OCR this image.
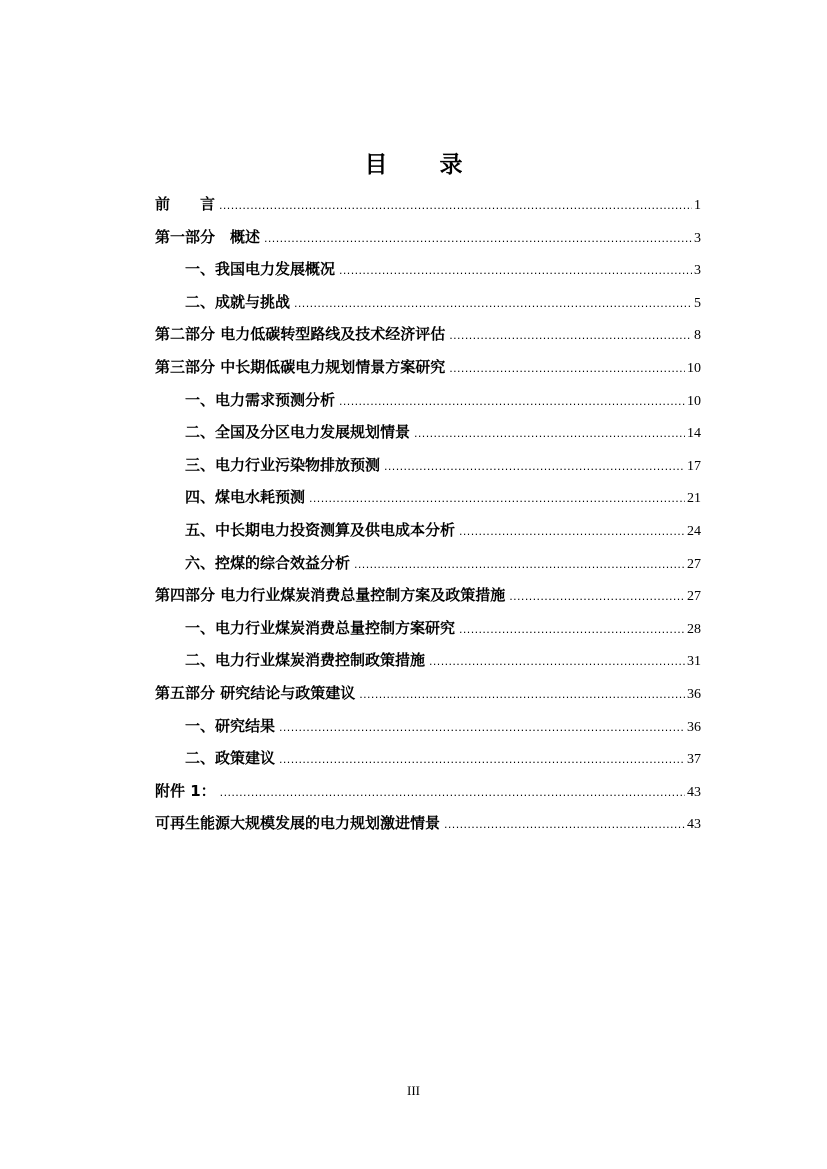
目 录
前　　言 .....	1
第一部分　概述 .....	3
一、我国电力发展概况 .....	3
二、成就与挑战 .....	5
第二部分 电力低碳转型路线及技术经济评估 .....	8
第三部分 中长期低碳电力规划情景方案研究 .....	10
一、电力需求预测分析 .....	10
二、全国及分区电力发展规划情景 .....	14
三、电力行业污染物排放预测 .....	17
四、煤电水耗预测 .....	21
五、中长期电力投资测算及供电成本分析 .....	24
六、控煤的综合效益分析 .....	27
第四部分 电力行业煤炭消费总量控制方案及政策措施 .....	27
一、电力行业煤炭消费总量控制方案研究 .....	28
二、电力行业煤炭消费控制政策措施 .....	31
第五部分 研究结论与政策建议 .....	36
一、研究结果 .....	36
二、政策建议 .....	37
附件 1： .....	43
可再生能源大规模发展的电力规划激进情景 .....	43
III
